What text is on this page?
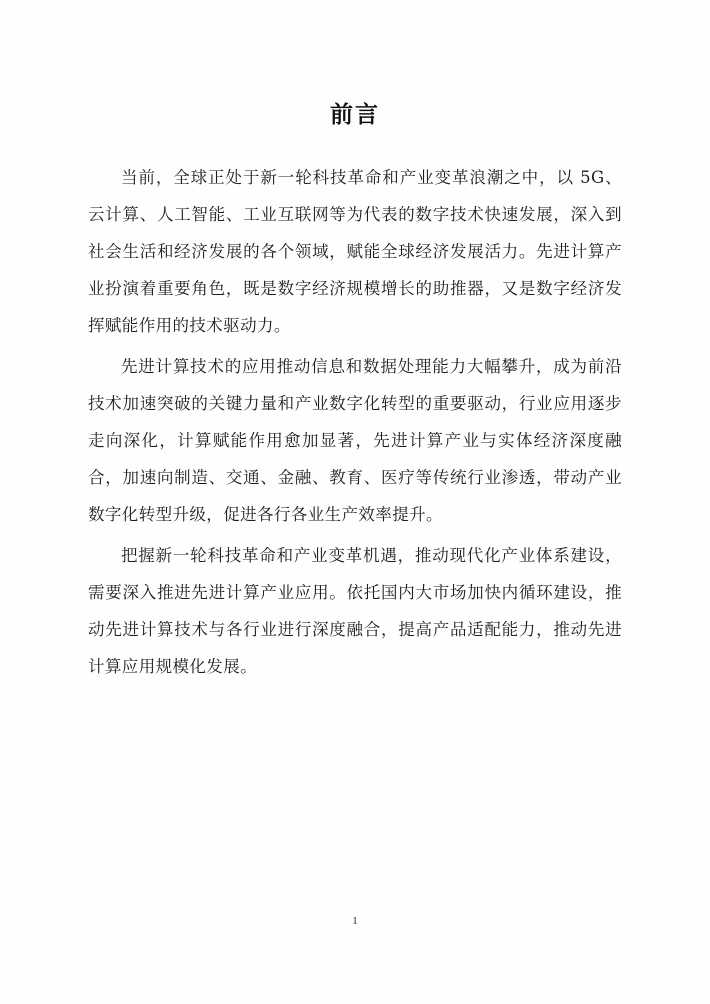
前言

当前，全球正处于新一轮科技革命和产业变革浪潮之中，以 5G、云计算、人工智能、工业互联网等为代表的数字技术快速发展，深入到社会生活和经济发展的各个领域，赋能全球经济发展活力。先进计算产业扮演着重要角色，既是数字经济规模增长的助推器，又是数字经济发挥赋能作用的技术驱动力。

先进计算技术的应用推动信息和数据处理能力大幅攀升，成为前沿技术加速突破的关键力量和产业数字化转型的重要驱动，行业应用逐步走向深化，计算赋能作用愈加显著，先进计算产业与实体经济深度融合，加速向制造、交通、金融、教育、医疗等传统行业渗透，带动产业数字化转型升级，促进各行各业生产效率提升。

把握新一轮科技革命和产业变革机遇，推动现代化产业体系建设，需要深入推进先进计算产业应用。依托国内大市场加快内循环建设，推动先进计算技术与各行业进行深度融合，提高产品适配能力，推动先进计算应用规模化发展。

1
